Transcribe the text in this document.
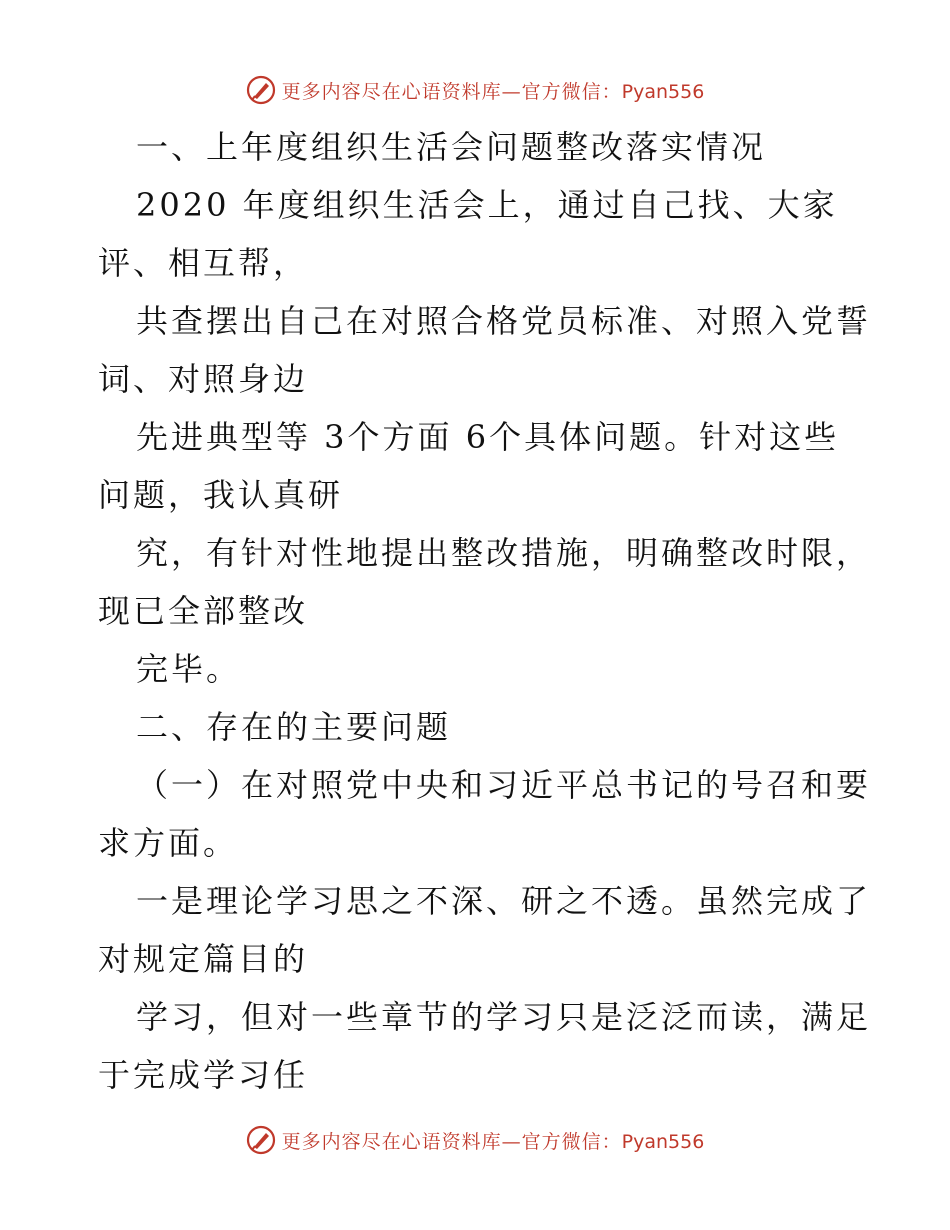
更多内容尽在心语资料库—官方微信：Pyan556
一、上年度组织生活会问题整改落实情况
2020 年度组织生活会上，通过自己找、大家
评、相互帮，
共查摆出自己在对照合格党员标准、对照入党誓
词、对照身边
先进典型等 3个方面 6个具体问题。针对这些
问题，我认真研
究，有针对性地提出整改措施，明确整改时限，
现已全部整改
完毕。
二、存在的主要问题
（一）在对照党中央和习近平总书记的号召和要
求方面。
一是理论学习思之不深、研之不透。虽然完成了
对规定篇目的
学习，但对一些章节的学习只是泛泛而读，满足
于完成学习任
更多内容尽在心语资料库—官方微信：Pyan556
